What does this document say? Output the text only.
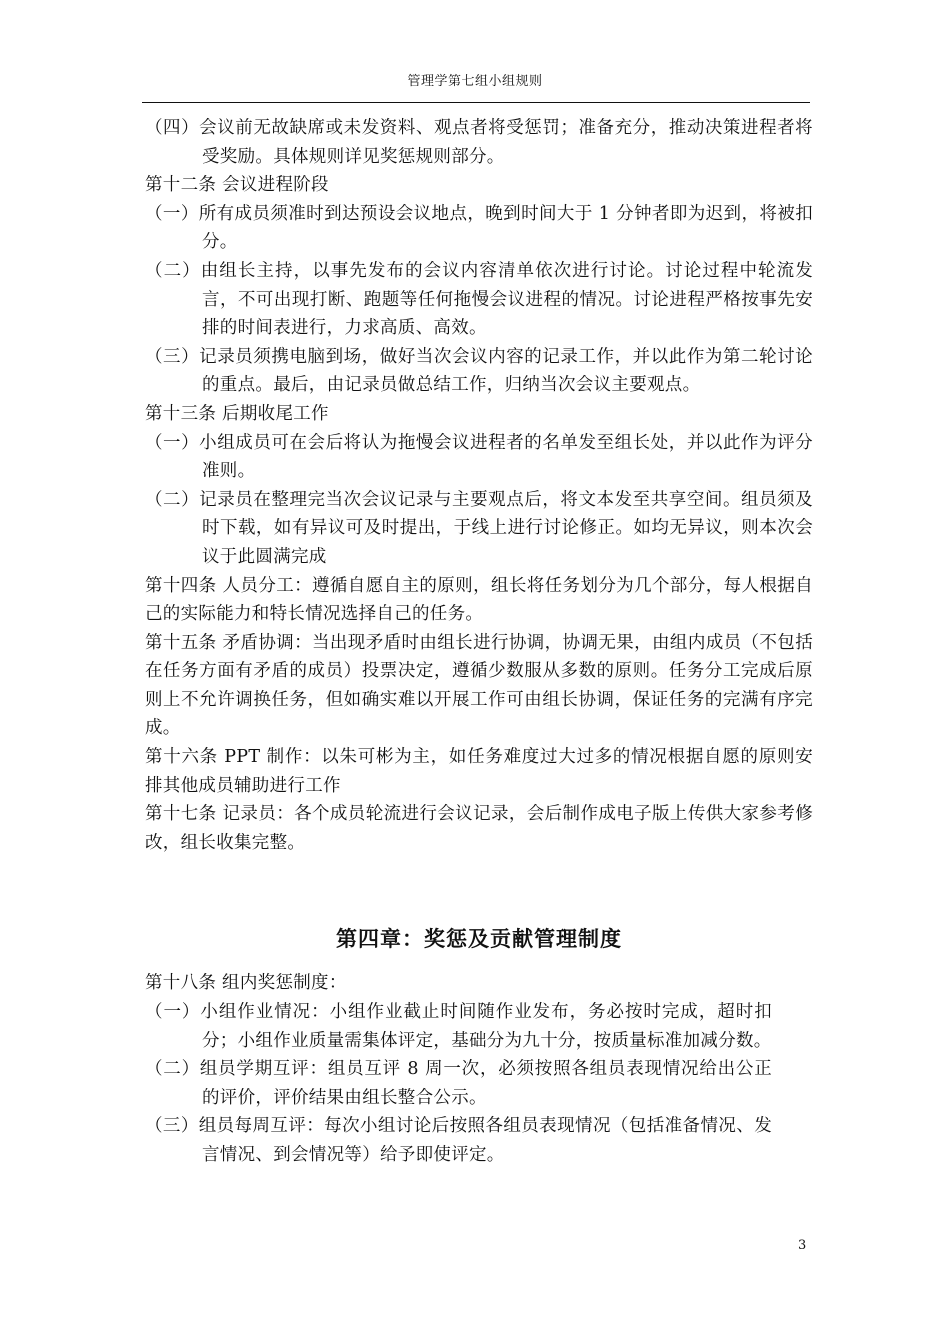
管理学第七组小组规则

（四）会议前无故缺席或未发资料、观点者将受惩罚；准备充分，推动决策进程者将受奖励。具体规则详见奖惩规则部分。

第十二条 会议进程阶段

（一）所有成员须准时到达预设会议地点，晚到时间大于 1 分钟者即为迟到，将被扣分。

（二）由组长主持，以事先发布的会议内容清单依次进行讨论。讨论过程中轮流发言，不可出现打断、跑题等任何拖慢会议进程的情况。讨论进程严格按事先安排的时间表进行，力求高质、高效。

（三）记录员须携电脑到场，做好当次会议内容的记录工作，并以此作为第二轮讨论的重点。最后，由记录员做总结工作，归纳当次会议主要观点。

第十三条 后期收尾工作

（一）小组成员可在会后将认为拖慢会议进程者的名单发至组长处，并以此作为评分准则。

（二）记录员在整理完当次会议记录与主要观点后，将文本发至共享空间。组员须及时下载，如有异议可及时提出，于线上进行讨论修正。如均无异议，则本次会议于此圆满完成

第十四条 人员分工：遵循自愿自主的原则，组长将任务划分为几个部分，每人根据自己的实际能力和特长情况选择自己的任务。

第十五条 矛盾协调：当出现矛盾时由组长进行协调，协调无果，由组内成员（不包括在任务方面有矛盾的成员）投票决定，遵循少数服从多数的原则。任务分工完成后原则上不允许调换任务，但如确实难以开展工作可由组长协调，保证任务的完满有序完成。

第十六条 PPT 制作：以朱可彬为主，如任务难度过大过多的情况根据自愿的原则安排其他成员辅助进行工作

第十七条 记录员：各个成员轮流进行会议记录，会后制作成电子版上传供大家参考修改，组长收集完整。

第四章：奖惩及贡献管理制度

第十八条 组内奖惩制度：

（一）小组作业情况：小组作业截止时间随作业发布，务必按时完成，超时扣分；小组作业质量需集体评定，基础分为九十分，按质量标准加减分数。

（二）组员学期互评：组员互评 8 周一次，必须按照各组员表现情况给出公正的评价，评价结果由组长整合公示。

（三）组员每周互评：每次小组讨论后按照各组员表现情况（包括准备情况、发言情况、到会情况等）给予即使评定。

3
